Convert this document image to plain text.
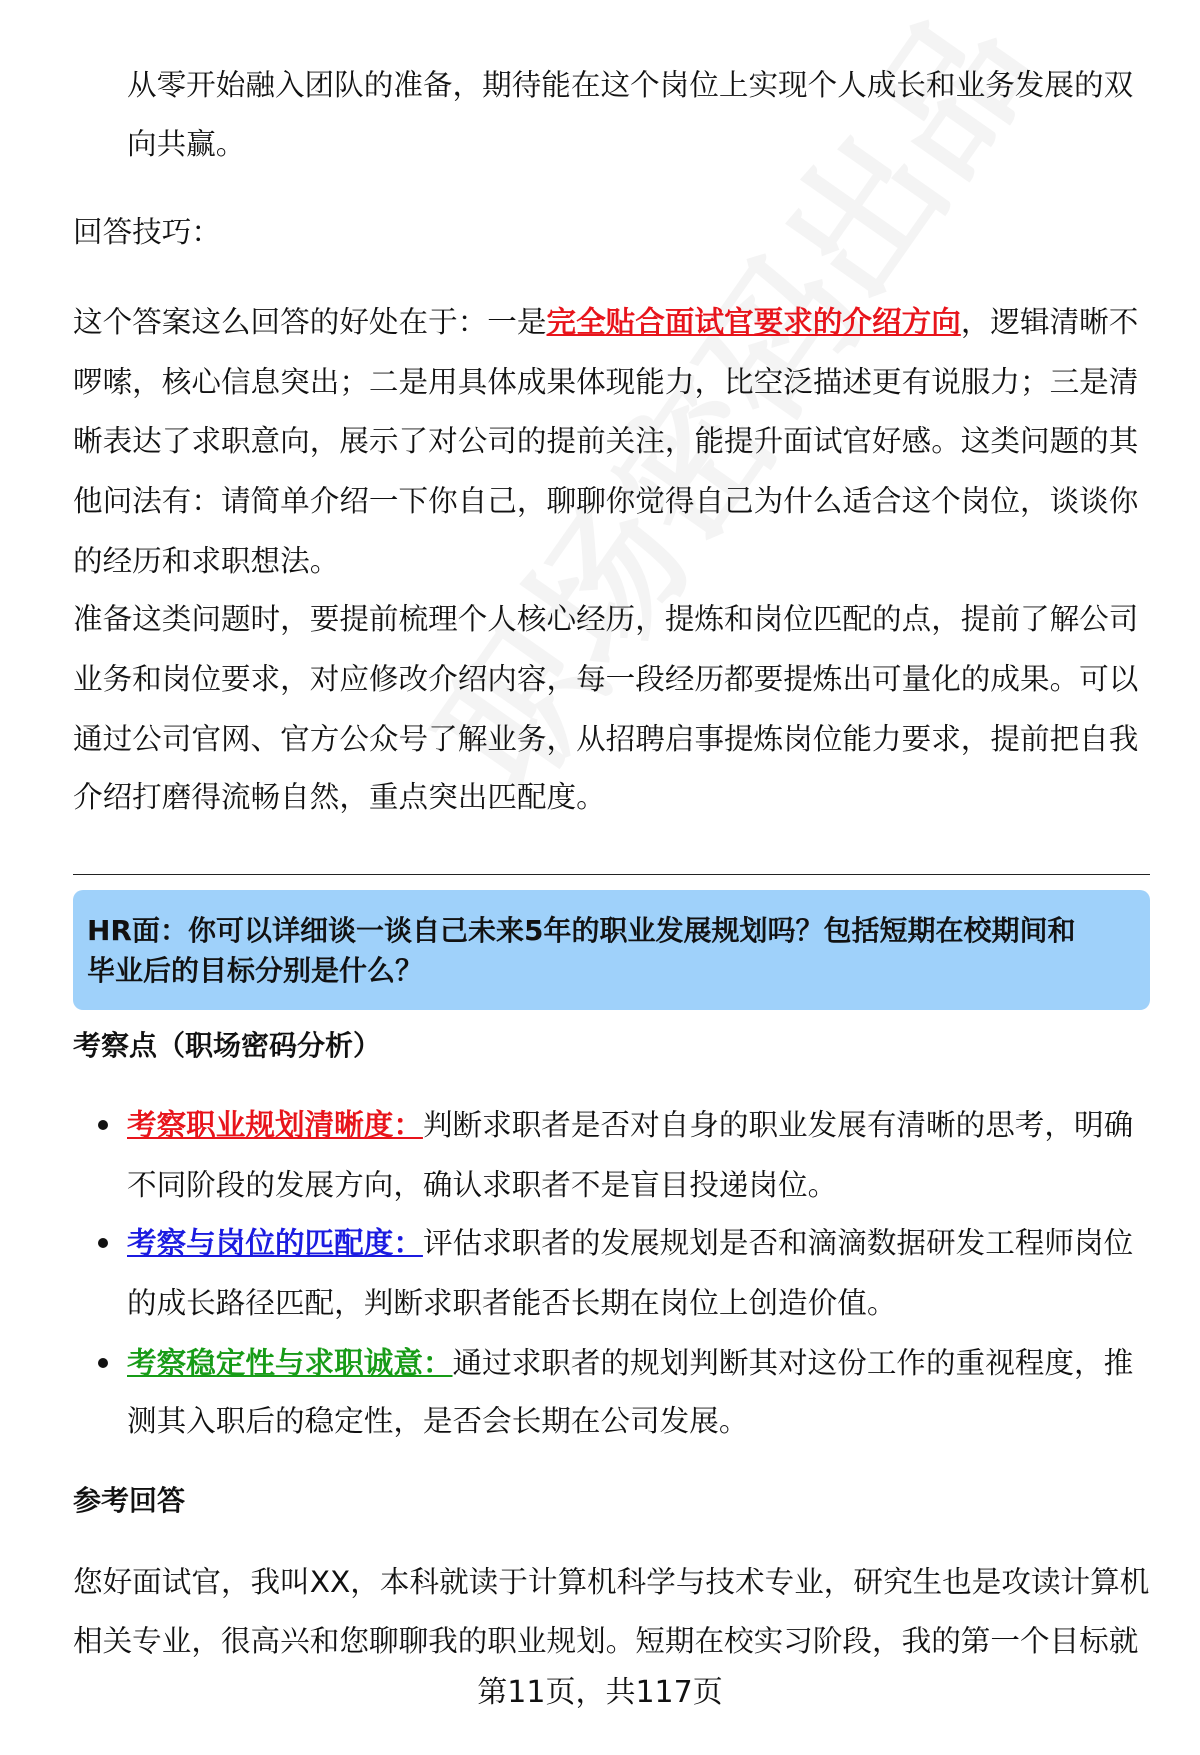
从零开始融入团队的准备，期待能在这个岗位上实现个人成长和业务发展的双
向共赢。
回答技巧：
这个答案这么回答的好处在于：一是完全贴合面试官要求的介绍方向，逻辑清晰不
啰嗦，核心信息突出；二是用具体成果体现能力，比空泛描述更有说服力；三是清
晰表达了求职意向，展示了对公司的提前关注，能提升面试官好感。这类问题的其
他问法有：请简单介绍一下你自己，聊聊你觉得自己为什么适合这个岗位，谈谈你
的经历和求职想法。
准备这类问题时，要提前梳理个人核心经历，提炼和岗位匹配的点，提前了解公司
业务和岗位要求，对应修改介绍内容，每一段经历都要提炼出可量化的成果。可以
通过公司官网、官方公众号了解业务，从招聘启事提炼岗位能力要求，提前把自我
介绍打磨得流畅自然，重点突出匹配度。
HR面：你可以详细谈一谈自己未来5年的职业发展规划吗？包括短期在校期间和
毕业后的目标分别是什么？
考察点（职场密码分析）
考察职业规划清晰度：判断求职者是否对自身的职业发展有清晰的思考，明确
不同阶段的发展方向，确认求职者不是盲目投递岗位。
考察与岗位的匹配度：评估求职者的发展规划是否和滴滴数据研发工程师岗位
的成长路径匹配，判断求职者能否长期在岗位上创造价值。
考察稳定性与求职诚意：通过求职者的规划判断其对这份工作的重视程度，推
测其入职后的稳定性，是否会长期在公司发展。
参考回答
您好面试官，我叫XX，本科就读于计算机科学与技术专业，研究生也是攻读计算机
相关专业，很高兴和您聊聊我的职业规划。短期在校实习阶段，我的第一个目标就
第11页，共117页
